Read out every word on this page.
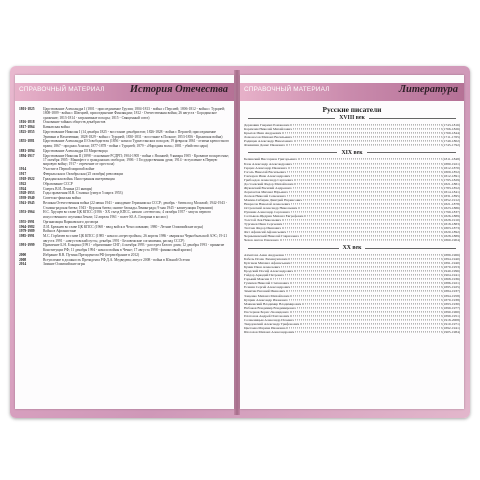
СПРАВОЧНЫЙ МАТЕРИАЛ История Отечества
1801-1825	Царствование Александра I (1801 - присоединение Грузии; 1804-1813 - война с Персией; 1806-1812 - война с Турцией; 1808-1809 - война с Швецией, присоединение Финляндии; 1812 - Отечественная война; 26 августа - Бородинское сражение; 1813-1814 - заграничные походы; 1815 - Священный союз)
1816-1818	Основание тайных обществ декабристов
1817-1864	Кавказская война
1825-1855	Царствование Николая I (14 декабря 1825 - восстание декабристов; 1826-1828 - война с Персией; присоединение Эривани и Нахичевани; 1828-1829 - война с Турцией; 1830-1831 - восстание в Польше; 1853-1856 - Крымская война)
1855-1881	Царствование Александра II Освободителя (1856 - начало Туркестанских походов; 19 февраля 1861 - отмена крепостного права; 1867 - продажа Аляски; 1877-1878 - война с Турцией; 1879 - «Народная воля»; 1881 - убийство царя)
1881-1894	Царствование Александра III Миротворца
1894-1917	Царствование Николая II (1898 - основание РСДРП; 1904-1905 - война с Японией; 9 января 1905 - Кровавое воскресенье; 17 октября 1905 - Манифест о гражданских свободах; 1906 - I Государственная дума; 1914 - вступление в Первую мировую войну; 1917 - отречение от престола)
1914	Участие в Первой мировой войне
1917	Февральская и Октябрьская (25 октября) революции
1918-1922	Гражданская война. Иностранная интервенция
1922	Образование СССР
1924	Смерть В.И. Ленина (21 января)
1928-1953	Годы правления И.В. Сталина (умер в 5 марта 1953)
1939-1940	Советско-финская война
1941-1945	Великая Отечественная война (22 июня 1941 - нападение Германии на СССР; декабрь - битва под Москвой; 1942-1943 - Сталинградская битва; 1943 - Курская битва; снятие блокады Ленинграда; 9 мая 1945 - капитуляция Германии)
1953-1964	Н.С. Хрущев во главе ЦК КПСС (1956 - XX съезд КПСС, начало «оттепели»; 4 октября 1957 - запуск первого искусственного спутника Земли; 12 апреля 1961 - полет Ю.А. Гагарина в космос)
1955-1991	Организация Варшавского договора
1964-1982	Л.И. Брежнев во главе ЦК КПСС (1968 - ввод войск в Чехословакию; 1980 - Летние Олимпийские игры)
1979-1989	Война в Афганистане
1985-1991	М.С. Горбачев во главе ЦК КПСС (1985 - начало «перестройки»; 26 апреля 1986 - авария на Чернобыльской АЭС; 19-21 августа 1991 - «августовский путч»; декабрь 1991 - Беловежские соглашения, распад СССР)
1991-1999	Правление Б.Н. Ельцина (1991 - образование СНГ; 4 октября 1993 - расстрел Белого дома; 12 декабря 1993 - принятие Конституции РФ; 11 декабря 1994 - начало войны в Чечне; 17 августа 1998 - финансовый кризис)
2000	Избрание В.В. Путина Президентом РФ (переизбрание в 2012)
2008	Вступление в должность Президента РФ Д.А. Медведева; август 2008 - война в Южной Осетии
2014	Зимние Олимпийские игры
СПРАВОЧНЫЙ МАТЕРИАЛ	Литература
Русские писатели
XVIII век
Державин Гавриил Романович	(1743-1816)
Карамзин Николай Михайлович	(1766-1826)
Крылов Иван Андреевич	(1769-1844)
Ломоносов Михаил Васильевич	(1711-1765)
Радищев Александр Николаевич	(1749-1802)
Фонвизин Денис Иванович	(1745-1792)
XIX век
Белинский Виссарион Григорьевич	(1811-1848)
Блок Александр Александрович	(1880-1921)
Герцен Александр Иванович	(1812-1870)
Гоголь Николай Васильевич	(1809-1852)
Гончаров Иван Александрович	(1812-1891)
Грибоедов Александр Сергеевич	(1795-1829)
Достоевский Федор Михайлович	(1821-1881)
Жуковский Василий Андреевич	(1783-1852)
Лермонтов Михаил Юрьевич	(1814-1841)
Лесков Николай Семенович	(1831-1895)
Мамин-Сибиряк Дмитрий Наркисович	(1852-1912)
Некрасов Николай Алексеевич	(1821-1878)
Островский Александр Николаевич	(1823-1886)
Пушкин Александр Сергеевич	(1799-1837)
Салтыков-Щедрин Михаил Евграфович	(1826-1889)
Толстой Лев Николаевич	(1828-1910)
Тургенев Иван Сергеевич	(1818-1883)
Тютчев Федор Иванович	(1803-1873)
Фет Афанасий Афанасьевич	(1820-1892)
Чернышевский Николай Гаврилович	(1828-1889)
Чехов Антон Павлович	(1860-1904)
XX век
Ахматова Анна Андреевна	(1889-1966)
Бабель Исаак Эммануилович	(1894-1940)
Булгаков Михаил Афанасьевич	(1891-1940)
Бунин Иван Алексеевич	(1870-1953)
Бродский Иосиф Александрович	(1940-1996)
Гайдар Аркадий Петрович	(1904-1941)
Горький Максим	(1868-1936)
Гумилев Николай Степанович	(1886-1921)
Есенин Сергей Александрович	(1895-1925)
Замятин Евгений Иванович	(1884-1937)
Зощенко Михаил Михайлович	(1894-1958)
Куприн Александр Иванович	(1870-1938)
Маяковский Владимир Владимирович	(1893-1930)
Набоков Владимир Владимирович	(1899-1977)
Пастернак Борис Леонидович	(1890-1960)
Платонов Андрей Платонович	(1899-1951)
Солженицын Александр Исаевич	(1918-2008)
Твардовский Александр Трифонович	(1910-1971)
Цветаева Марина Ивановна	(1892-1941)
Шолохов Михаил Александрович	(1905-1984)
